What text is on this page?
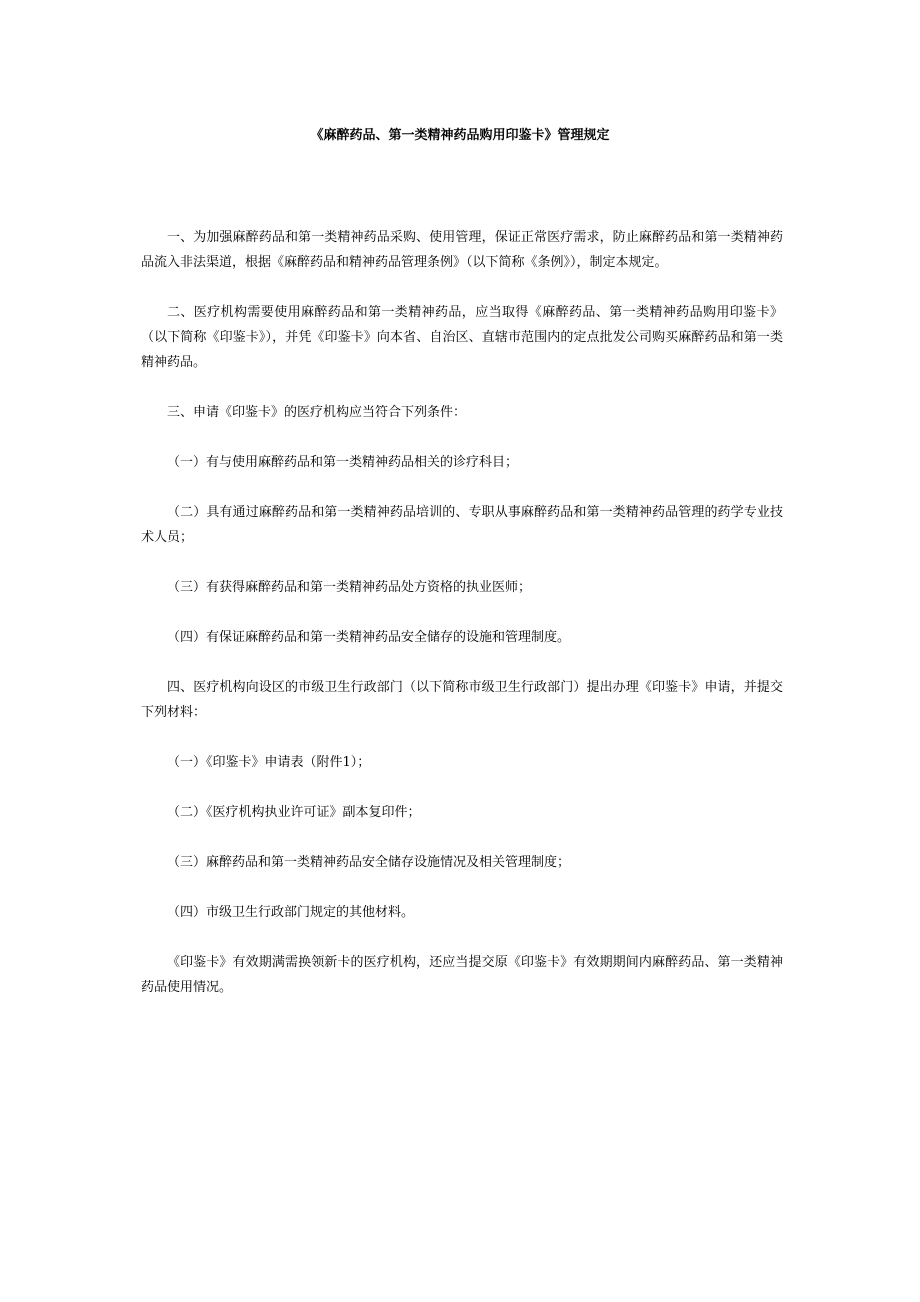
《麻醉药品、第一类精神药品购用印鉴卡》管理规定

一、为加强麻醉药品和第一类精神药品采购、使用管理，保证正常医疗需求，防止麻醉药品和第一类精神药品流入非法渠道，根据《麻醉药品和精神药品管理条例》（以下简称《条例》），制定本规定。

二、医疗机构需要使用麻醉药品和第一类精神药品，应当取得《麻醉药品、第一类精神药品购用印鉴卡》（以下简称《印鉴卡》），并凭《印鉴卡》向本省、自治区、直辖市范围内的定点批发公司购买麻醉药品和第一类精神药品。

三、申请《印鉴卡》的医疗机构应当符合下列条件：

（一）有与使用麻醉药品和第一类精神药品相关的诊疗科目；

（二）具有通过麻醉药品和第一类精神药品培训的、专职从事麻醉药品和第一类精神药品管理的药学专业技术人员；

（三）有获得麻醉药品和第一类精神药品处方资格的执业医师；

（四）有保证麻醉药品和第一类精神药品安全储存的设施和管理制度。

四、医疗机构向设区的市级卫生行政部门（以下简称市级卫生行政部门）提出办理《印鉴卡》申请，并提交下列材料：

（一）《印鉴卡》申请表（附件1）；

（二）《医疗机构执业许可证》副本复印件；

（三）麻醉药品和第一类精神药品安全储存设施情况及相关管理制度；

（四）市级卫生行政部门规定的其他材料。

《印鉴卡》有效期满需换领新卡的医疗机构，还应当提交原《印鉴卡》有效期期间内麻醉药品、第一类精神药品使用情况。
